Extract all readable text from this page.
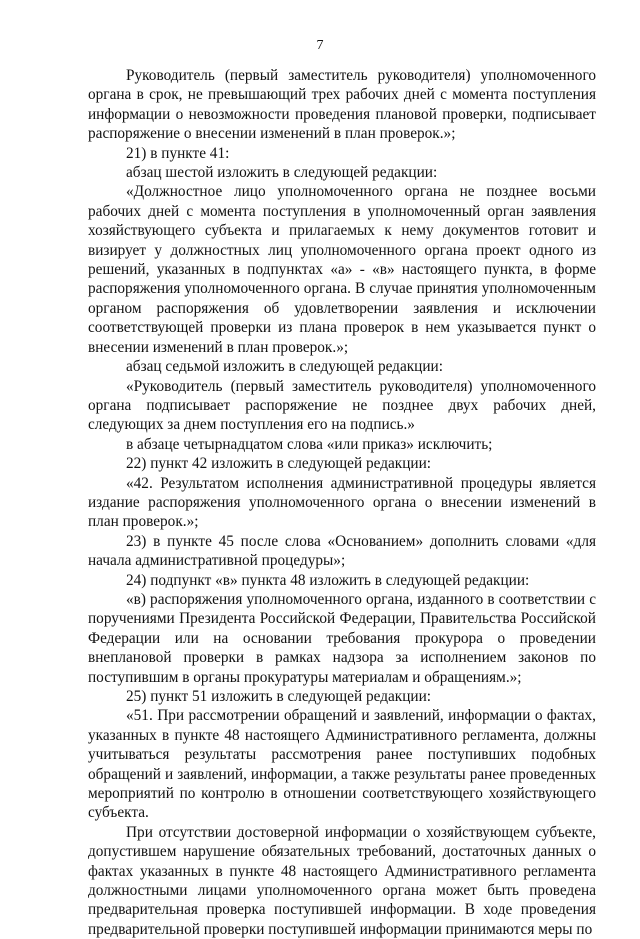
7

Руководитель (первый заместитель руководителя) уполномоченного органа в срок, не превышающий трех рабочих дней с момента поступления информации о невозможности проведения плановой проверки, подписывает распоряжение о внесении изменений в план проверок.»;

21) в пункте 41:

абзац шестой изложить в следующей редакции:

«Должностное лицо уполномоченного органа не позднее восьми рабочих дней с момента поступления в уполномоченный орган заявления хозяйствующего субъекта и прилагаемых к нему документов готовит и визирует у должностных лиц уполномоченного органа проект одного из решений, указанных в подпунктах «а» - «в» настоящего пункта, в форме распоряжения уполномоченного органа. В случае принятия уполномоченным органом распоряжения об удовлетворении заявления и исключении соответствующей проверки из плана проверок в нем указывается пункт о внесении изменений в план проверок.»;

абзац седьмой изложить в следующей редакции:

«Руководитель (первый заместитель руководителя) уполномоченного органа подписывает распоряжение не позднее двух рабочих дней, следующих за днем поступления его на подпись.»

в абзаце четырнадцатом слова «или приказ» исключить;

22) пункт 42 изложить в следующей редакции:

«42. Результатом исполнения административной процедуры является издание распоряжения уполномоченного органа о внесении изменений в план проверок.»;

23) в пункте 45 после слова «Основанием» дополнить словами «для начала административной процедуры»;

24) подпункт «в» пункта 48 изложить в следующей редакции:

«в) распоряжения уполномоченного органа, изданного в соответствии с поручениями Президента Российской Федерации, Правительства Российской Федерации или на основании требования прокурора о проведении внеплановой проверки в рамках надзора за исполнением законов по поступившим в органы прокуратуры материалам и обращениям.»;

25) пункт 51 изложить в следующей редакции:

«51. При рассмотрении обращений и заявлений, информации о фактах, указанных в пункте 48 настоящего Административного регламента, должны учитываться результаты рассмотрения ранее поступивших подобных обращений и заявлений, информации, а также результаты ранее проведенных мероприятий по контролю в отношении соответствующего хозяйствующего субъекта.

При отсутствии достоверной информации о хозяйствующем субъекте, допустившем нарушение обязательных требований, достаточных данных о фактах указанных в пункте 48 настоящего Административного регламента должностными лицами уполномоченного органа может быть проведена предварительная проверка поступившей информации. В ходе проведения предварительной проверки поступившей информации принимаются меры по
